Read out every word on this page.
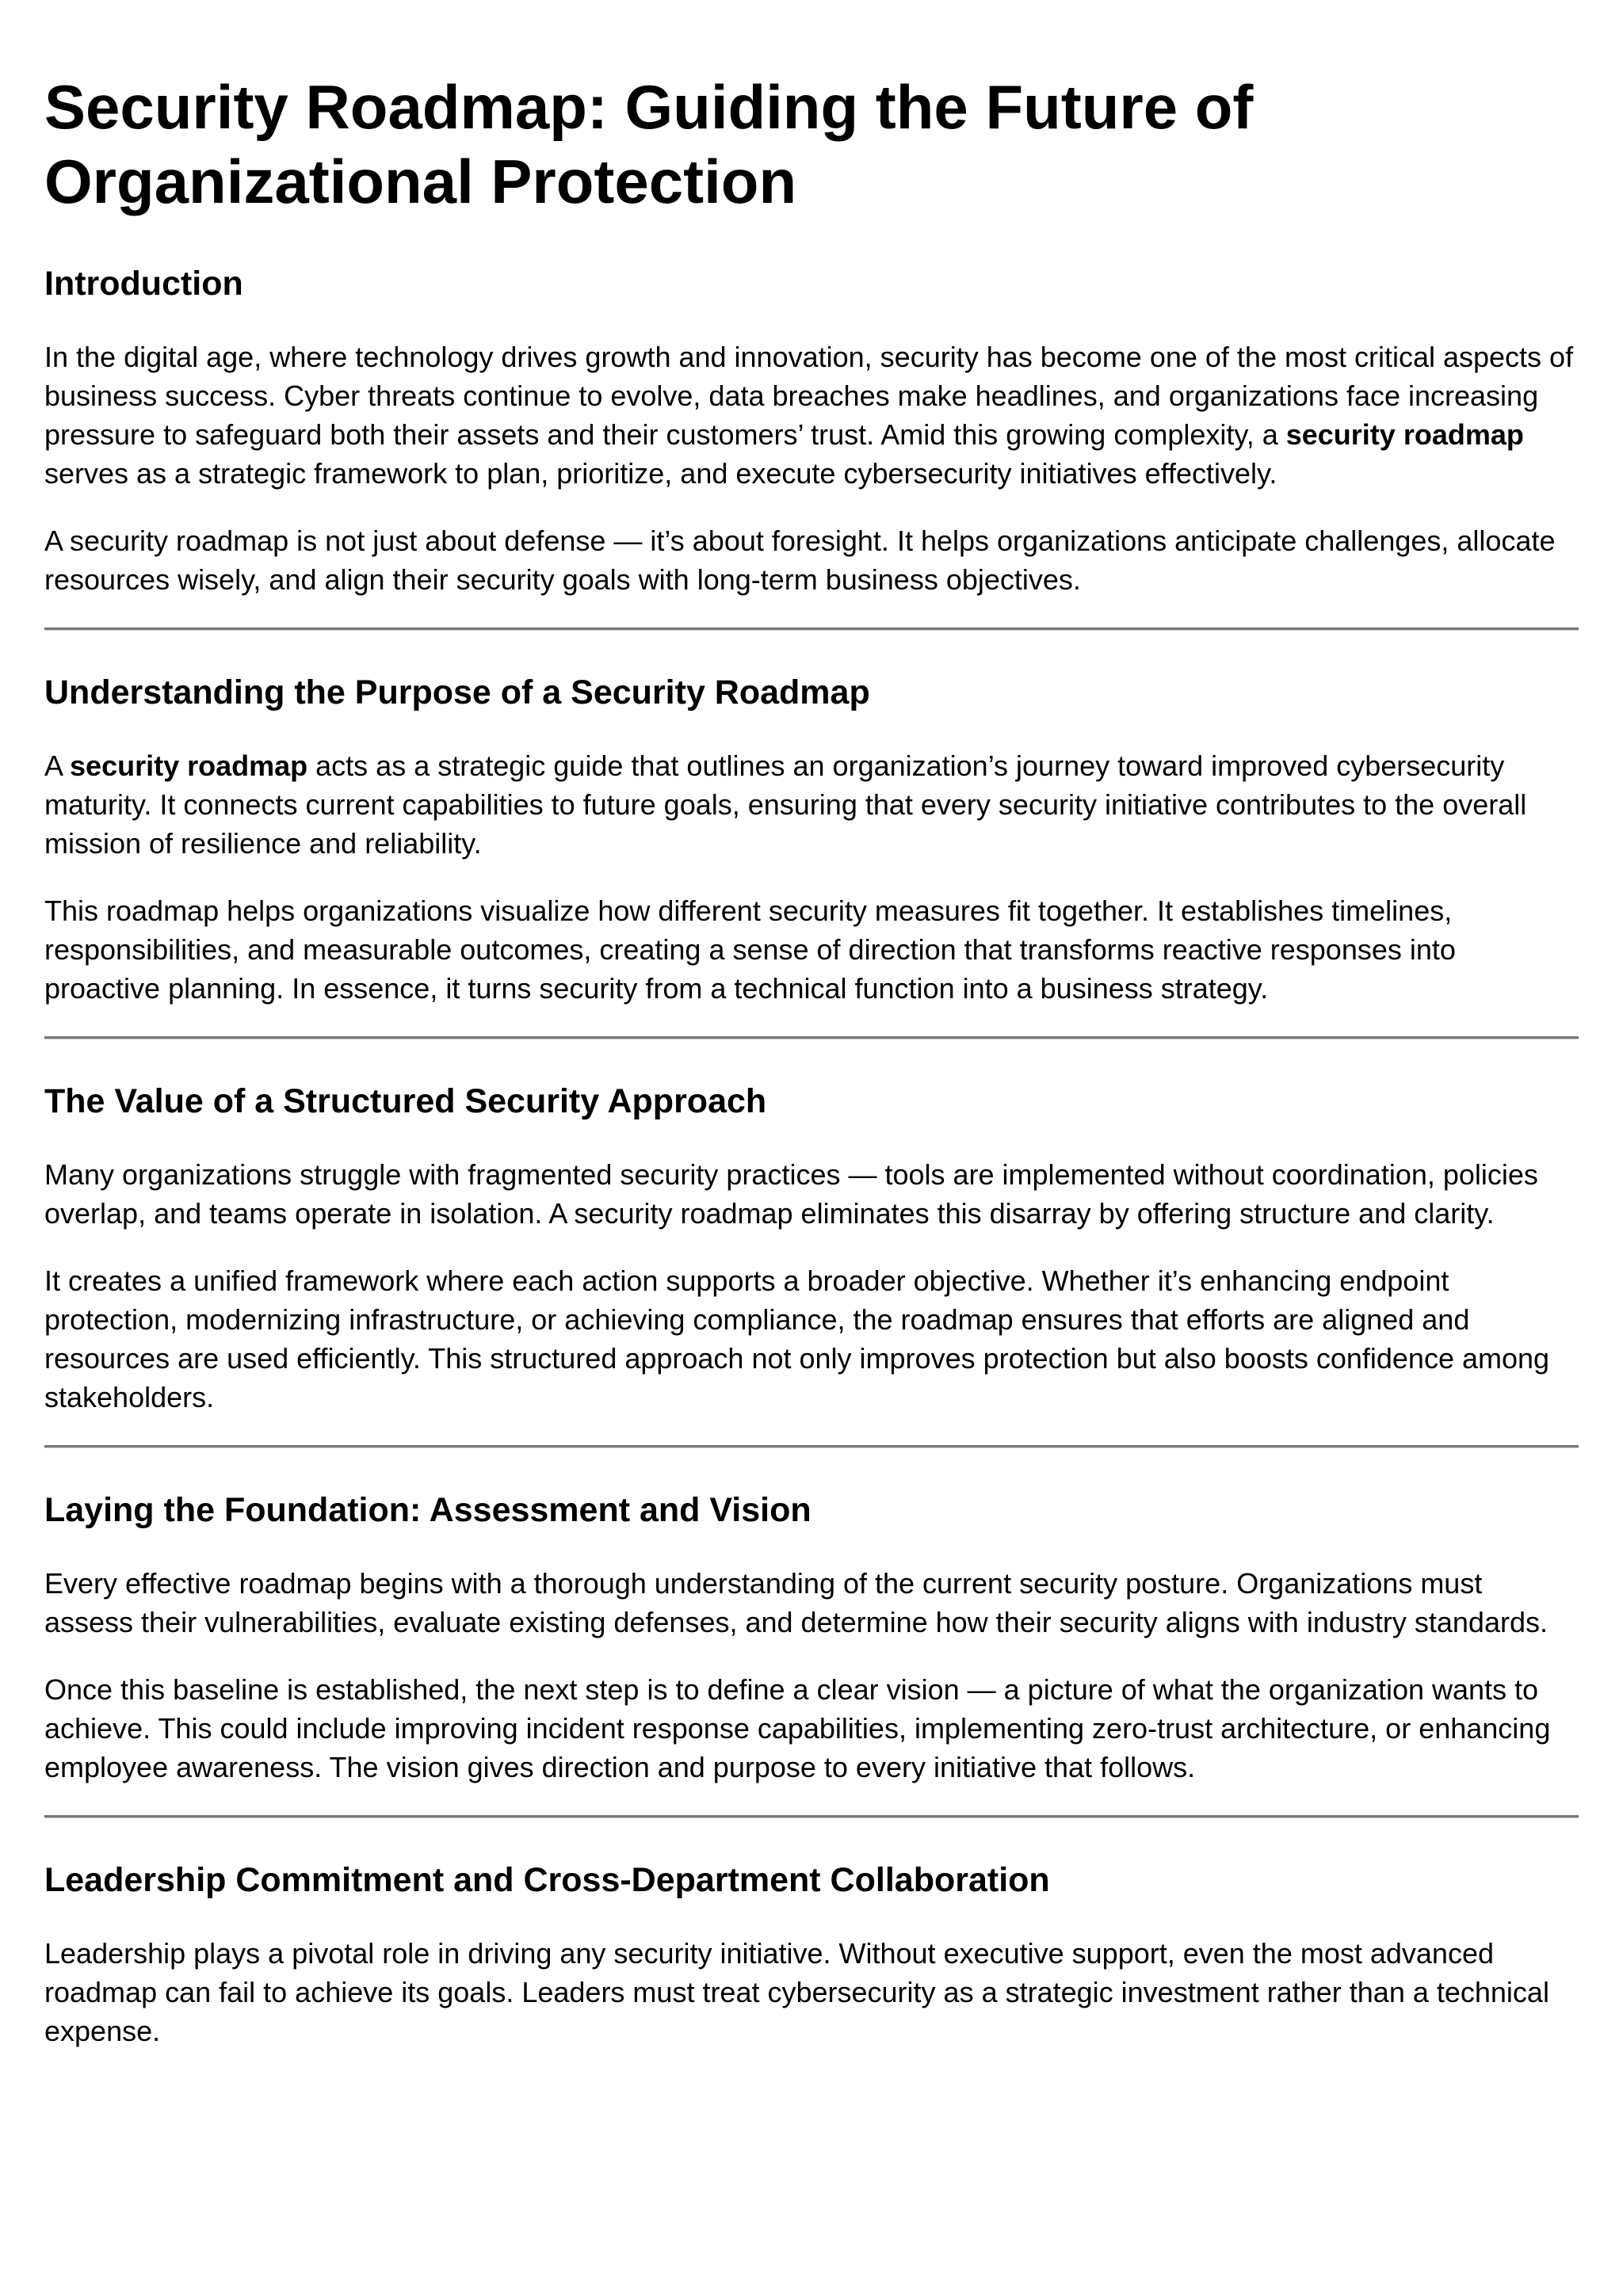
Security Roadmap: Guiding the Future of Organizational Protection
Introduction

In the digital age, where technology drives growth and innovation, security has become one of the most critical aspects of business success. Cyber threats continue to evolve, data breaches make headlines, and organizations face increasing pressure to safeguard both their assets and their customers’ trust. Amid this growing complexity, a security roadmap serves as a strategic framework to plan, prioritize, and execute cybersecurity initiatives effectively.

A security roadmap is not just about defense — it’s about foresight. It helps organizations anticipate challenges, allocate resources wisely, and align their security goals with long-term business objectives.

Understanding the Purpose of a Security Roadmap

A security roadmap acts as a strategic guide that outlines an organization’s journey toward improved cybersecurity maturity. It connects current capabilities to future goals, ensuring that every security initiative contributes to the overall mission of resilience and reliability.

This roadmap helps organizations visualize how different security measures fit together. It establishes timelines, responsibilities, and measurable outcomes, creating a sense of direction that transforms reactive responses into proactive planning. In essence, it turns security from a technical function into a business strategy.

The Value of a Structured Security Approach

Many organizations struggle with fragmented security practices — tools are implemented without coordination, policies overlap, and teams operate in isolation. A security roadmap eliminates this disarray by offering structure and clarity.

It creates a unified framework where each action supports a broader objective. Whether it’s enhancing endpoint protection, modernizing infrastructure, or achieving compliance, the roadmap ensures that efforts are aligned and resources are used efficiently. This structured approach not only improves protection but also boosts confidence among stakeholders.

Laying the Foundation: Assessment and Vision

Every effective roadmap begins with a thorough understanding of the current security posture. Organizations must assess their vulnerabilities, evaluate existing defenses, and determine how their security aligns with industry standards.

Once this baseline is established, the next step is to define a clear vision — a picture of what the organization wants to achieve. This could include improving incident response capabilities, implementing zero-trust architecture, or enhancing employee awareness. The vision gives direction and purpose to every initiative that follows.

Leadership Commitment and Cross-Department Collaboration

Leadership plays a pivotal role in driving any security initiative. Without executive support, even the most advanced roadmap can fail to achieve its goals. Leaders must treat cybersecurity as a strategic investment rather than a technical expense.
